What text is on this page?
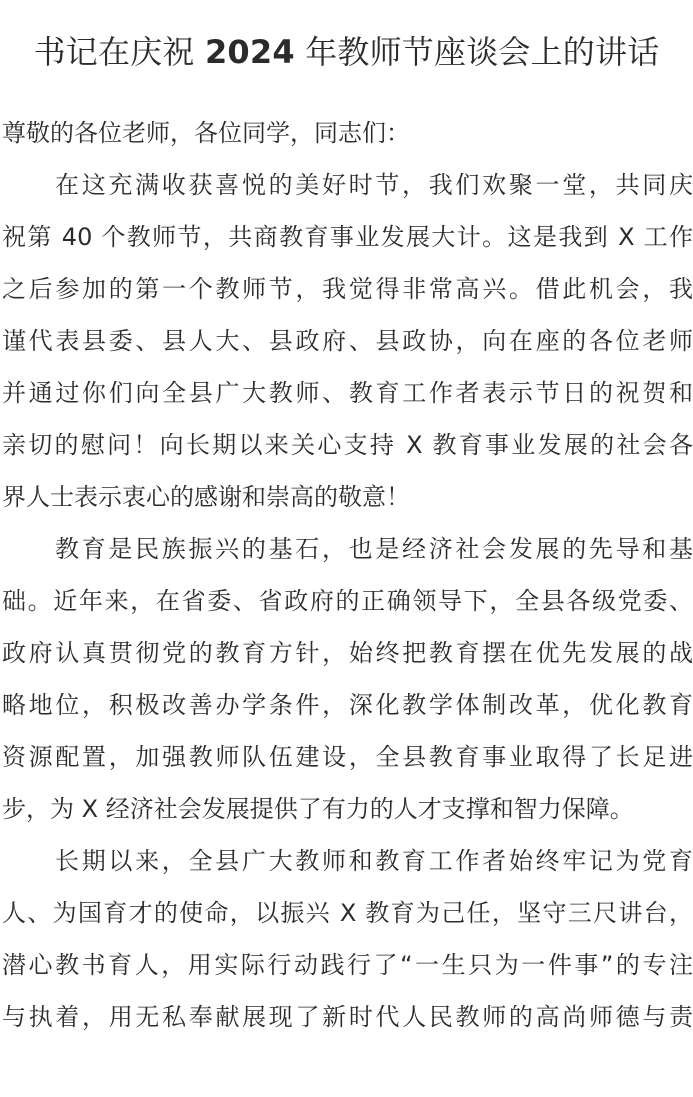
书记在庆祝 2024 年教师节座谈会上的讲话

尊敬的各位老师，各位同学，同志们：

在这充满收获喜悦的美好时节，我们欢聚一堂，共同庆
祝第 40 个教师节，共商教育事业发展大计。这是我到 X 工作
之后参加的第一个教师节，我觉得非常高兴。借此机会，我
谨代表县委、县人大、县政府、县政协，向在座的各位老师
并通过你们向全县广大教师、教育工作者表示节日的祝贺和
亲切的慰问！向长期以来关心支持 X 教育事业发展的社会各
界人士表示衷心的感谢和崇高的敬意！

教育是民族振兴的基石，也是经济社会发展的先导和基
础。近年来，在省委、省政府的正确领导下，全县各级党委、
政府认真贯彻党的教育方针，始终把教育摆在优先发展的战
略地位，积极改善办学条件，深化教学体制改革，优化教育
资源配置，加强教师队伍建设，全县教育事业取得了长足进
步，为 X 经济社会发展提供了有力的人才支撑和智力保障。

长期以来，全县广大教师和教育工作者始终牢记为党育
人、为国育才的使命，以振兴 X 教育为己任，坚守三尺讲台，
潜心教书育人，用实际行动践行了“一生只为一件事”的专注
与执着，用无私奉献展现了新时代人民教师的高尚师德与责
